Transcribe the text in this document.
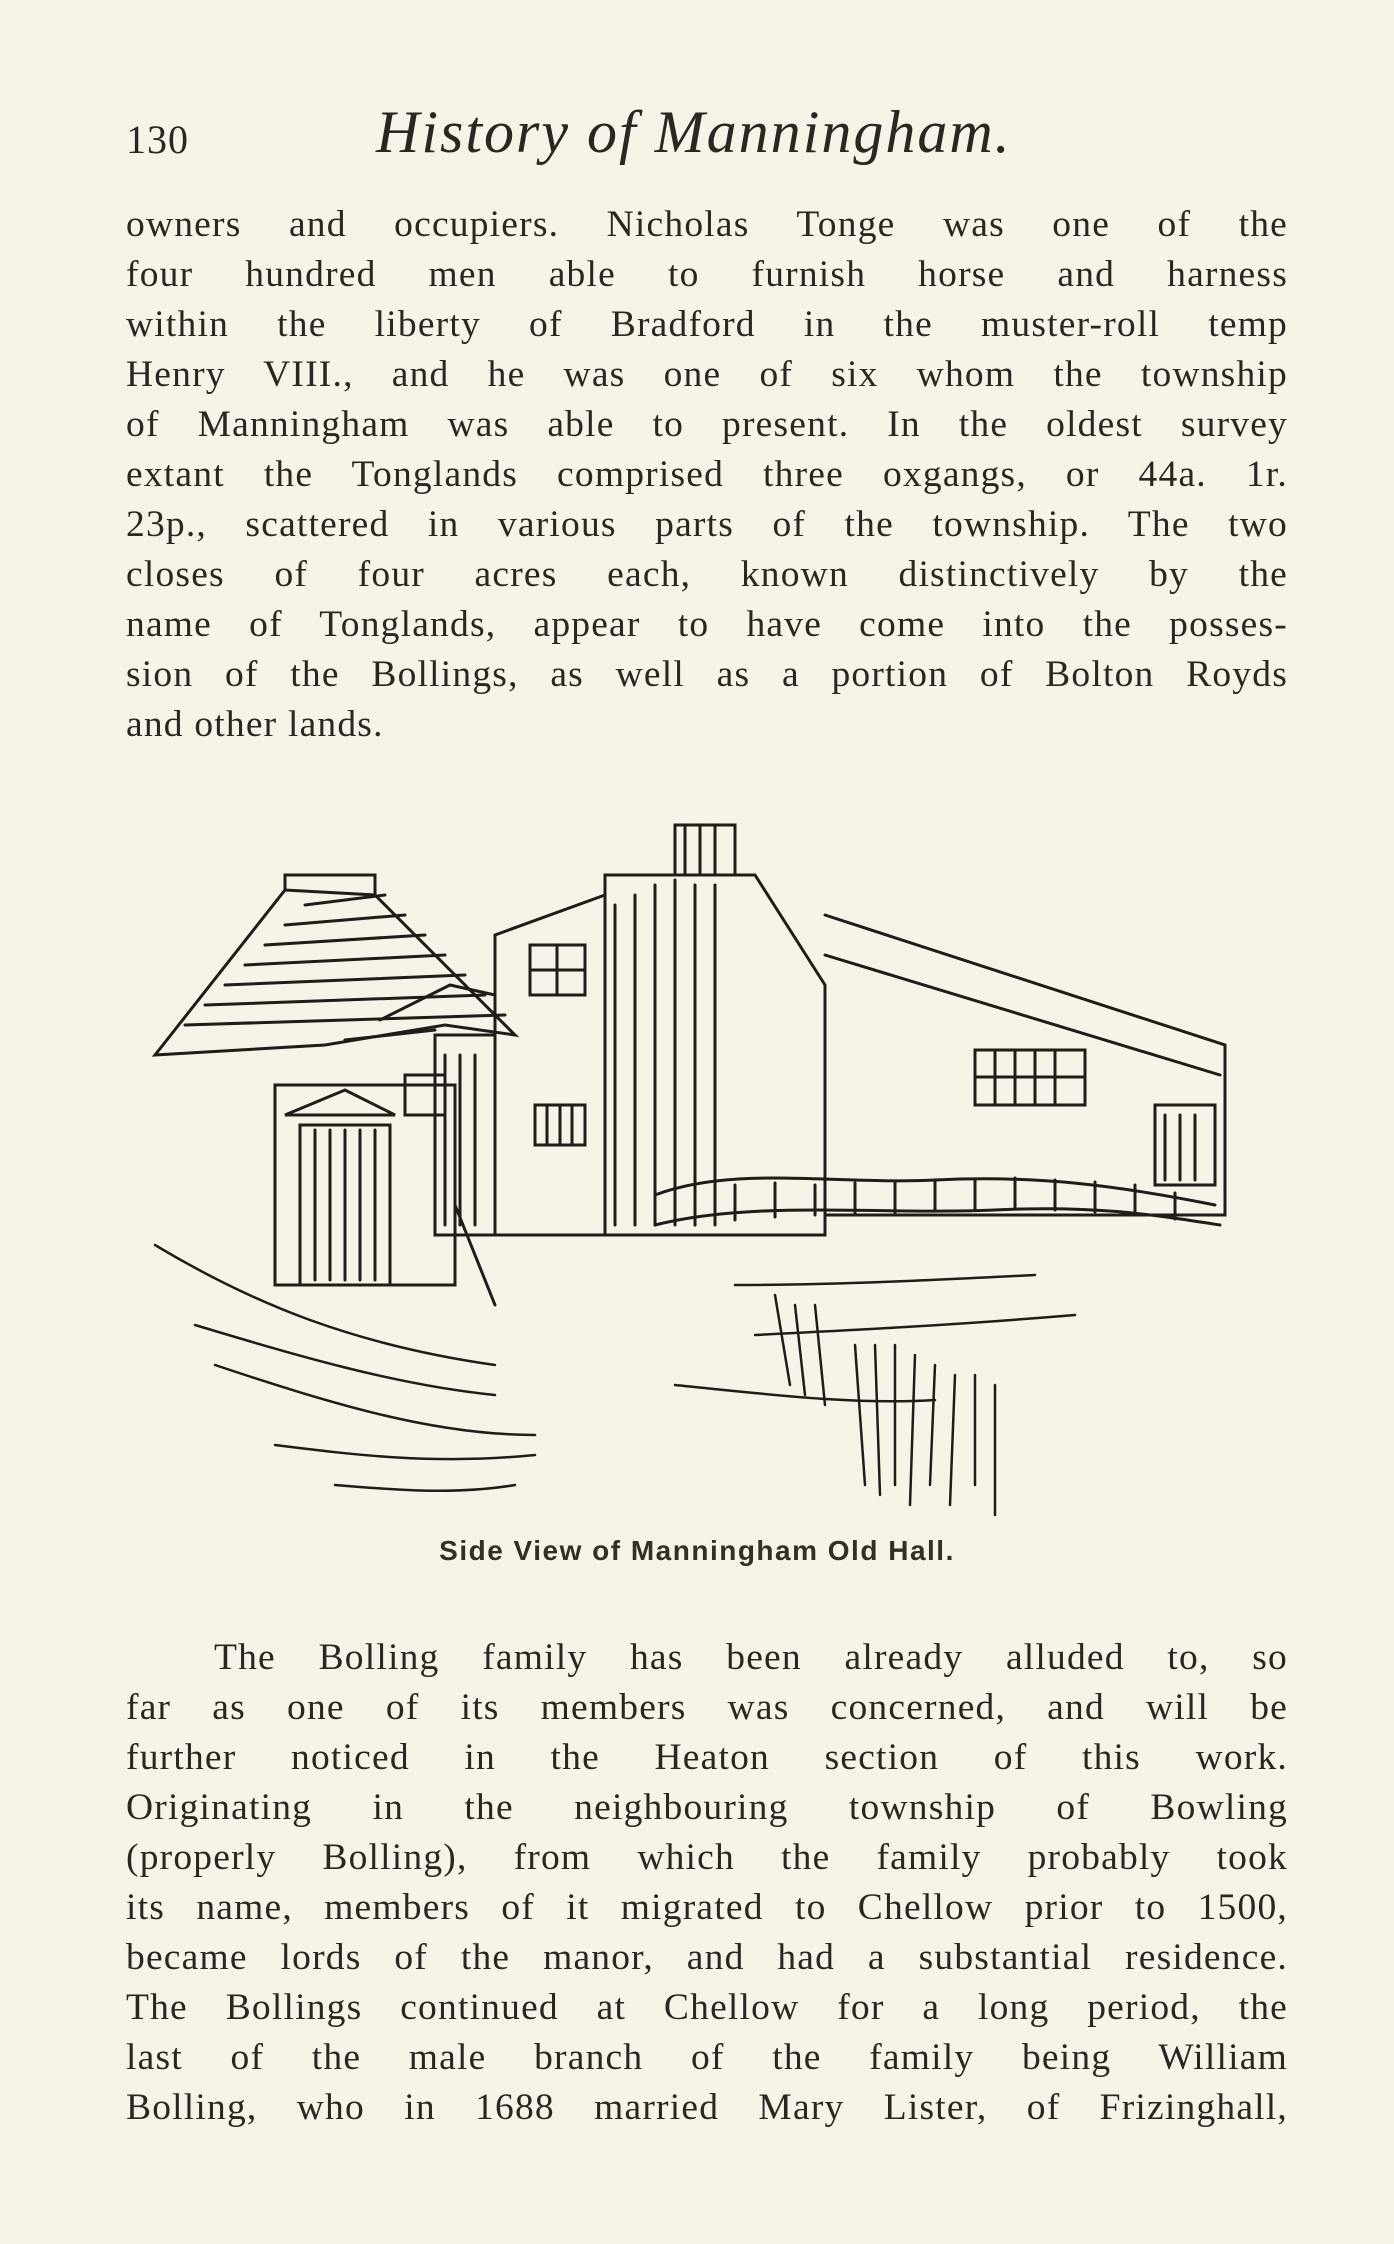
130	History of Manningham.
owners and occupiers. Nicholas Tonge was one of the
four hundred men able to furnish horse and harness
within the liberty of Bradford in the muster-roll temp
Henry VIII., and he was one of six whom the township
of Manningham was able to present. In the oldest survey
extant the Tonglands comprised three oxgangs, or 44a. 1r.
23p., scattered in various parts of the township. The two
closes of four acres each, known distinctively by the
name of Tonglands, appear to have come into the posses-
sion of the Bollings, as well as a portion of Bolton Royds
and other lands.
Side View of Manningham Old Hall.
The Bolling family has been already alluded to, so
far as one of its members was concerned, and will be
further noticed in the Heaton section of this work.
Originating in the neighbouring township of Bowling
(properly Bolling), from which the family probably took
its name, members of it migrated to Chellow prior to 1500,
became lords of the manor, and had a substantial residence.
The Bollings continued at Chellow for a long period, the
last of the male branch of the family being William
Bolling, who in 1688 married Mary Lister, of Frizinghall,
